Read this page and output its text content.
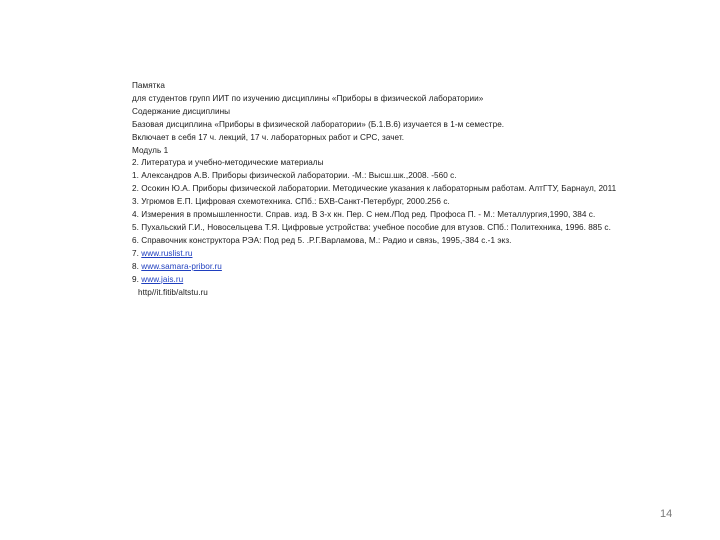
Памятка
для студентов групп ИИТ по изучению дисциплины «Приборы в физической лаборатории»
Содержание дисциплины
Базовая дисциплина «Приборы в физической лаборатории» (Б.1.В.6) изучается в 1-м семестре.
Включает в себя 17 ч. лекций, 17 ч. лабораторных работ и СРС, зачет.
Модуль 1
2. Литература и учебно-методические материалы
1. Александров А.В. Приборы физической лаборатории. -М.: Высш.шк.,2008. -560 с.
2. Осокин Ю.А. Приборы физической лаборатории. Методические указания к лабораторным работам. АлтГТУ, Барнаул, 2011
3. Угрюмов Е.П. Цифровая схемотехника. СПб.: БХВ-Санкт-Петербург, 2000.256 с.
4. Измерения в промышленности. Справ. изд. В 3-х кн. Пер. С нем./Под ред. Профоса П. - М.: Металлургия,1990, 384 с.
5. Пухальский Г.И., Новосельцева Т.Я. Цифровые устройства: учебное пособие для втузов. СПб.: Политехника, 1996. 885 с.
6. Справочник конструктора РЭА: Под ред 5. .Р.Г.Варламова, М.: Радио и связь, 1995,-384 с.-1 экз.
7. www.ruslist.ru
8. www.samara-pribor.ru
9. www.jais.ru
http//it.fitib/altstu.ru
14
